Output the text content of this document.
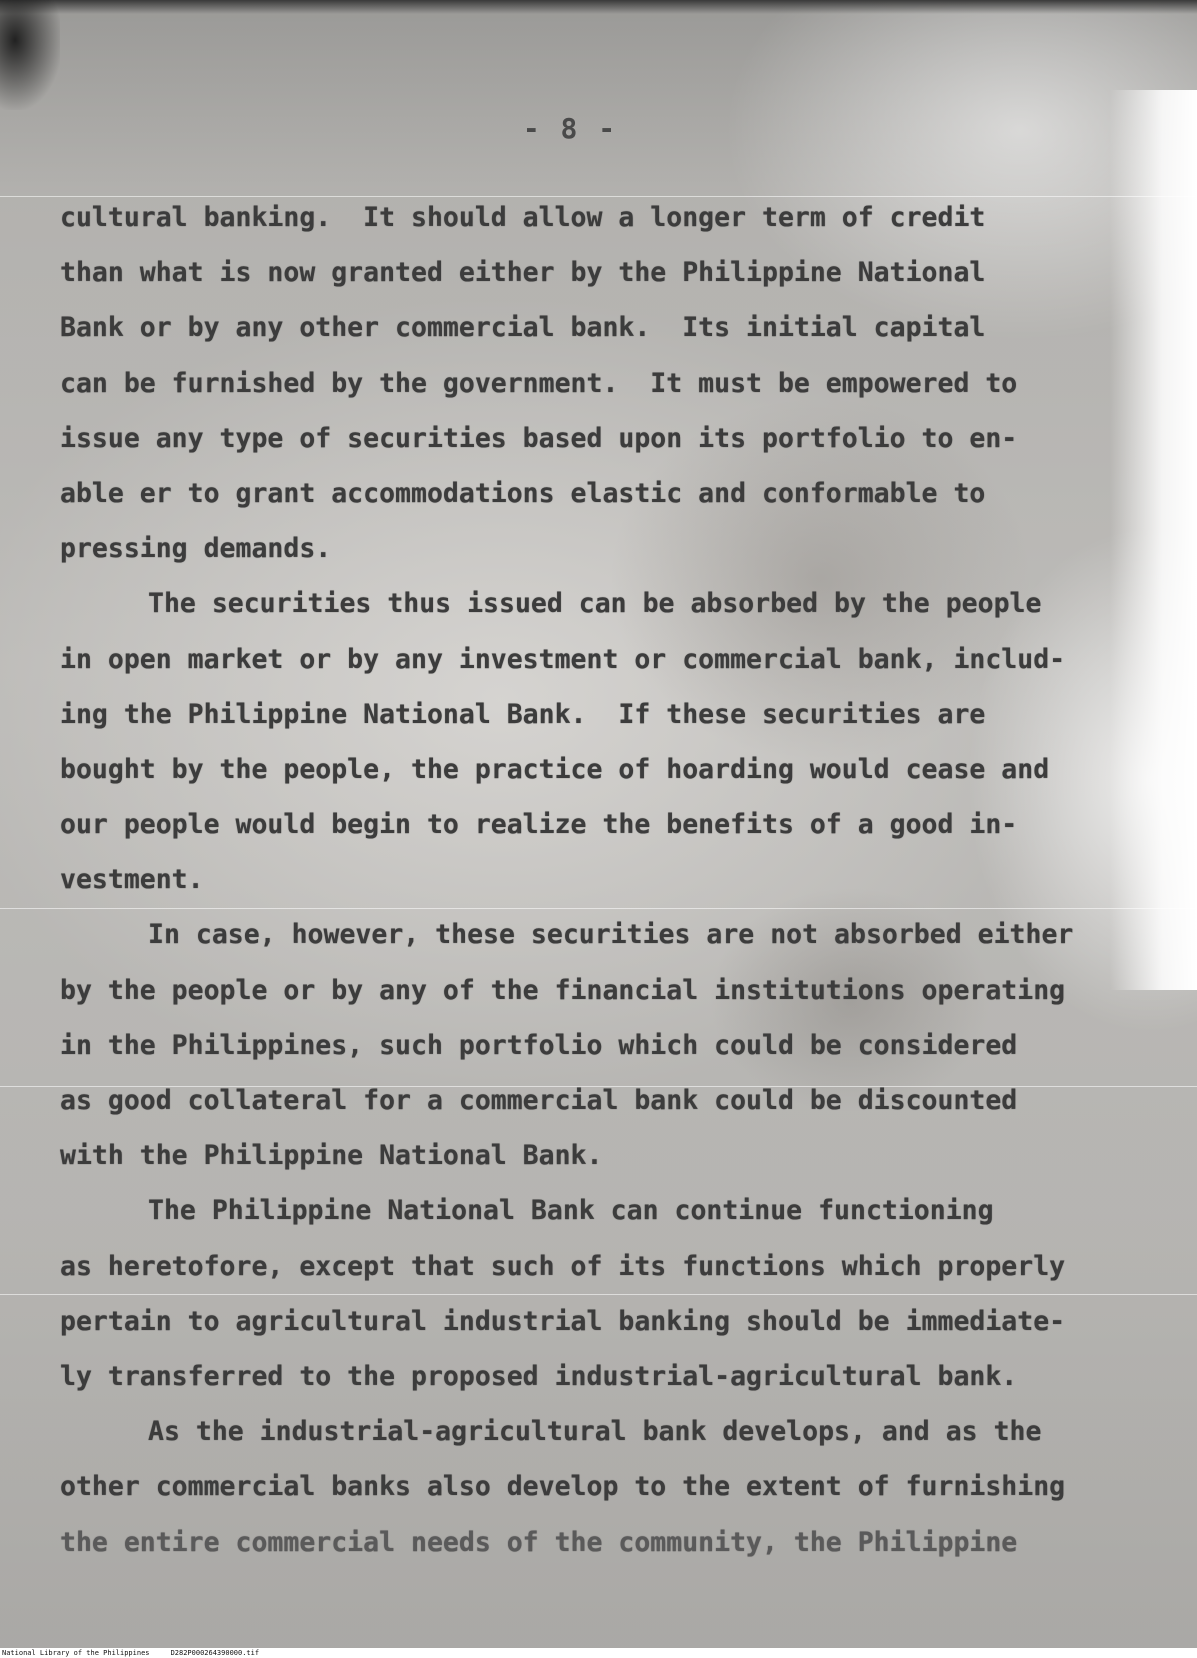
- 8 -
cultural banking.  It should allow a longer term of credit
than what is now granted either by the Philippine National
Bank or by any other commercial bank.  Its initial capital
can be furnished by the government.  It must be empowered to
issue any type of securities based upon its portfolio to en-
able er to grant accommodations elastic and conformable to
pressing demands.
The securities thus issued can be absorbed by the people
in open market or by any investment or commercial bank, includ-
ing the Philippine National Bank.  If these securities are
bought by the people, the practice of hoarding would cease and
our people would begin to realize the benefits of a good in-
vestment.
In case, however, these securities are not absorbed either
by the people or by any of the financial institutions operating
in the Philippines, such portfolio which could be considered
as good collateral for a commercial bank could be discounted
with the Philippine National Bank.
The Philippine National Bank can continue functioning
as heretofore, except that such of its functions which properly
pertain to agricultural industrial banking should be immediate-
ly transferred to the proposed industrial-agricultural bank.
As the industrial-agricultural bank develops, and as the
other commercial banks also develop to the extent of furnishing
the entire commercial needs of the community, the Philippine
National Library of the Philippines     D282P000264390000.tif
